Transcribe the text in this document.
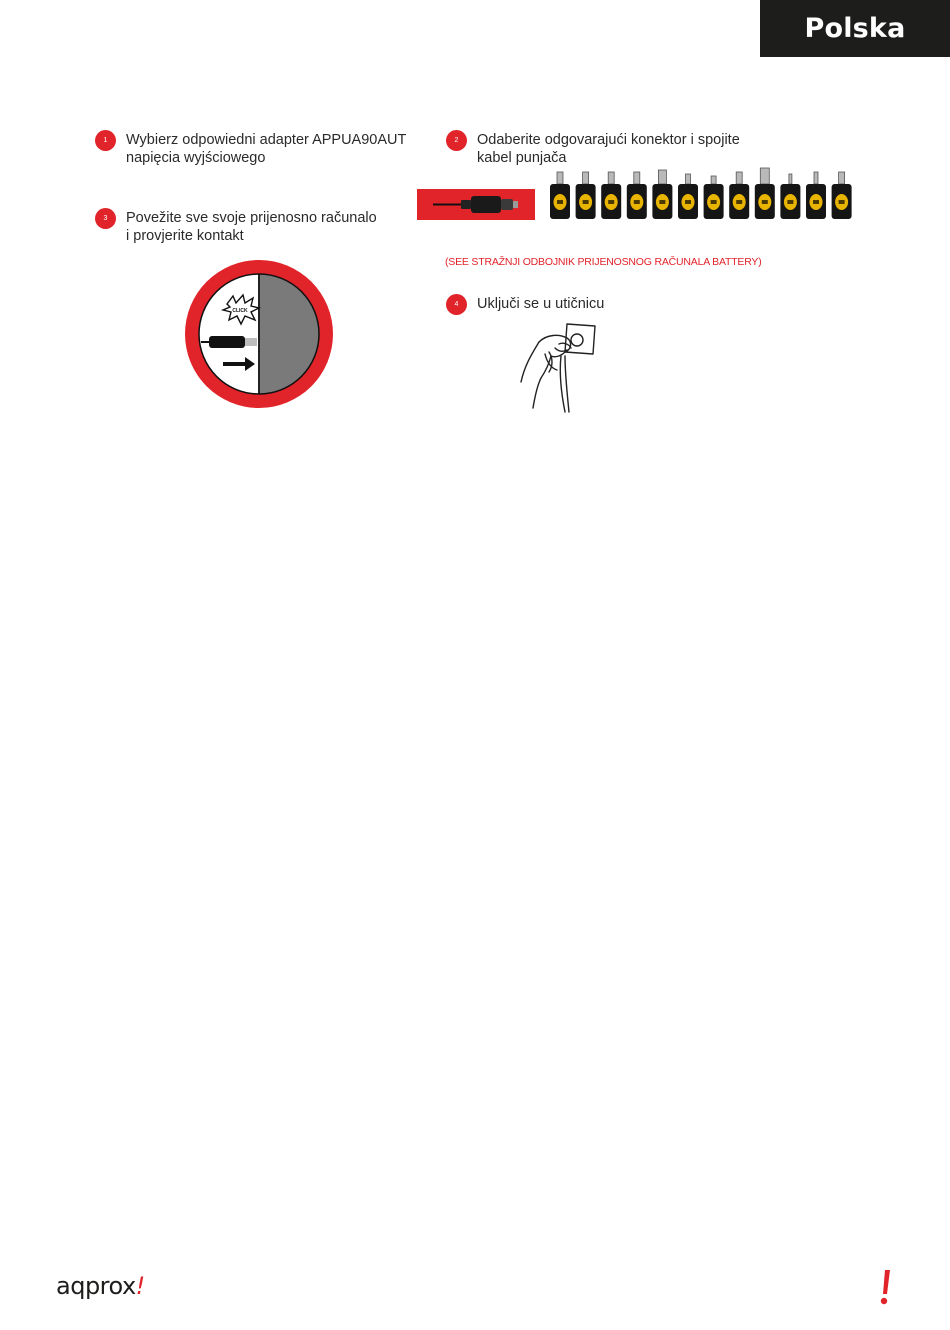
Polska
1	Wybierz odpowiedni adapter APPUA90AUT
napięcia wyjściowego
2	Odaberite odgovarajući konektor i spojite
kabel punjača
3	Povežite sve svoje prijenosno računalo
i provjerite kontakt
4	Uključi se u utičnicu
(SEE STRAŽNJI ODBOJNIK PRIJENOSNOG RAČUNALA BATTERY)
CLICK
aqprox!
